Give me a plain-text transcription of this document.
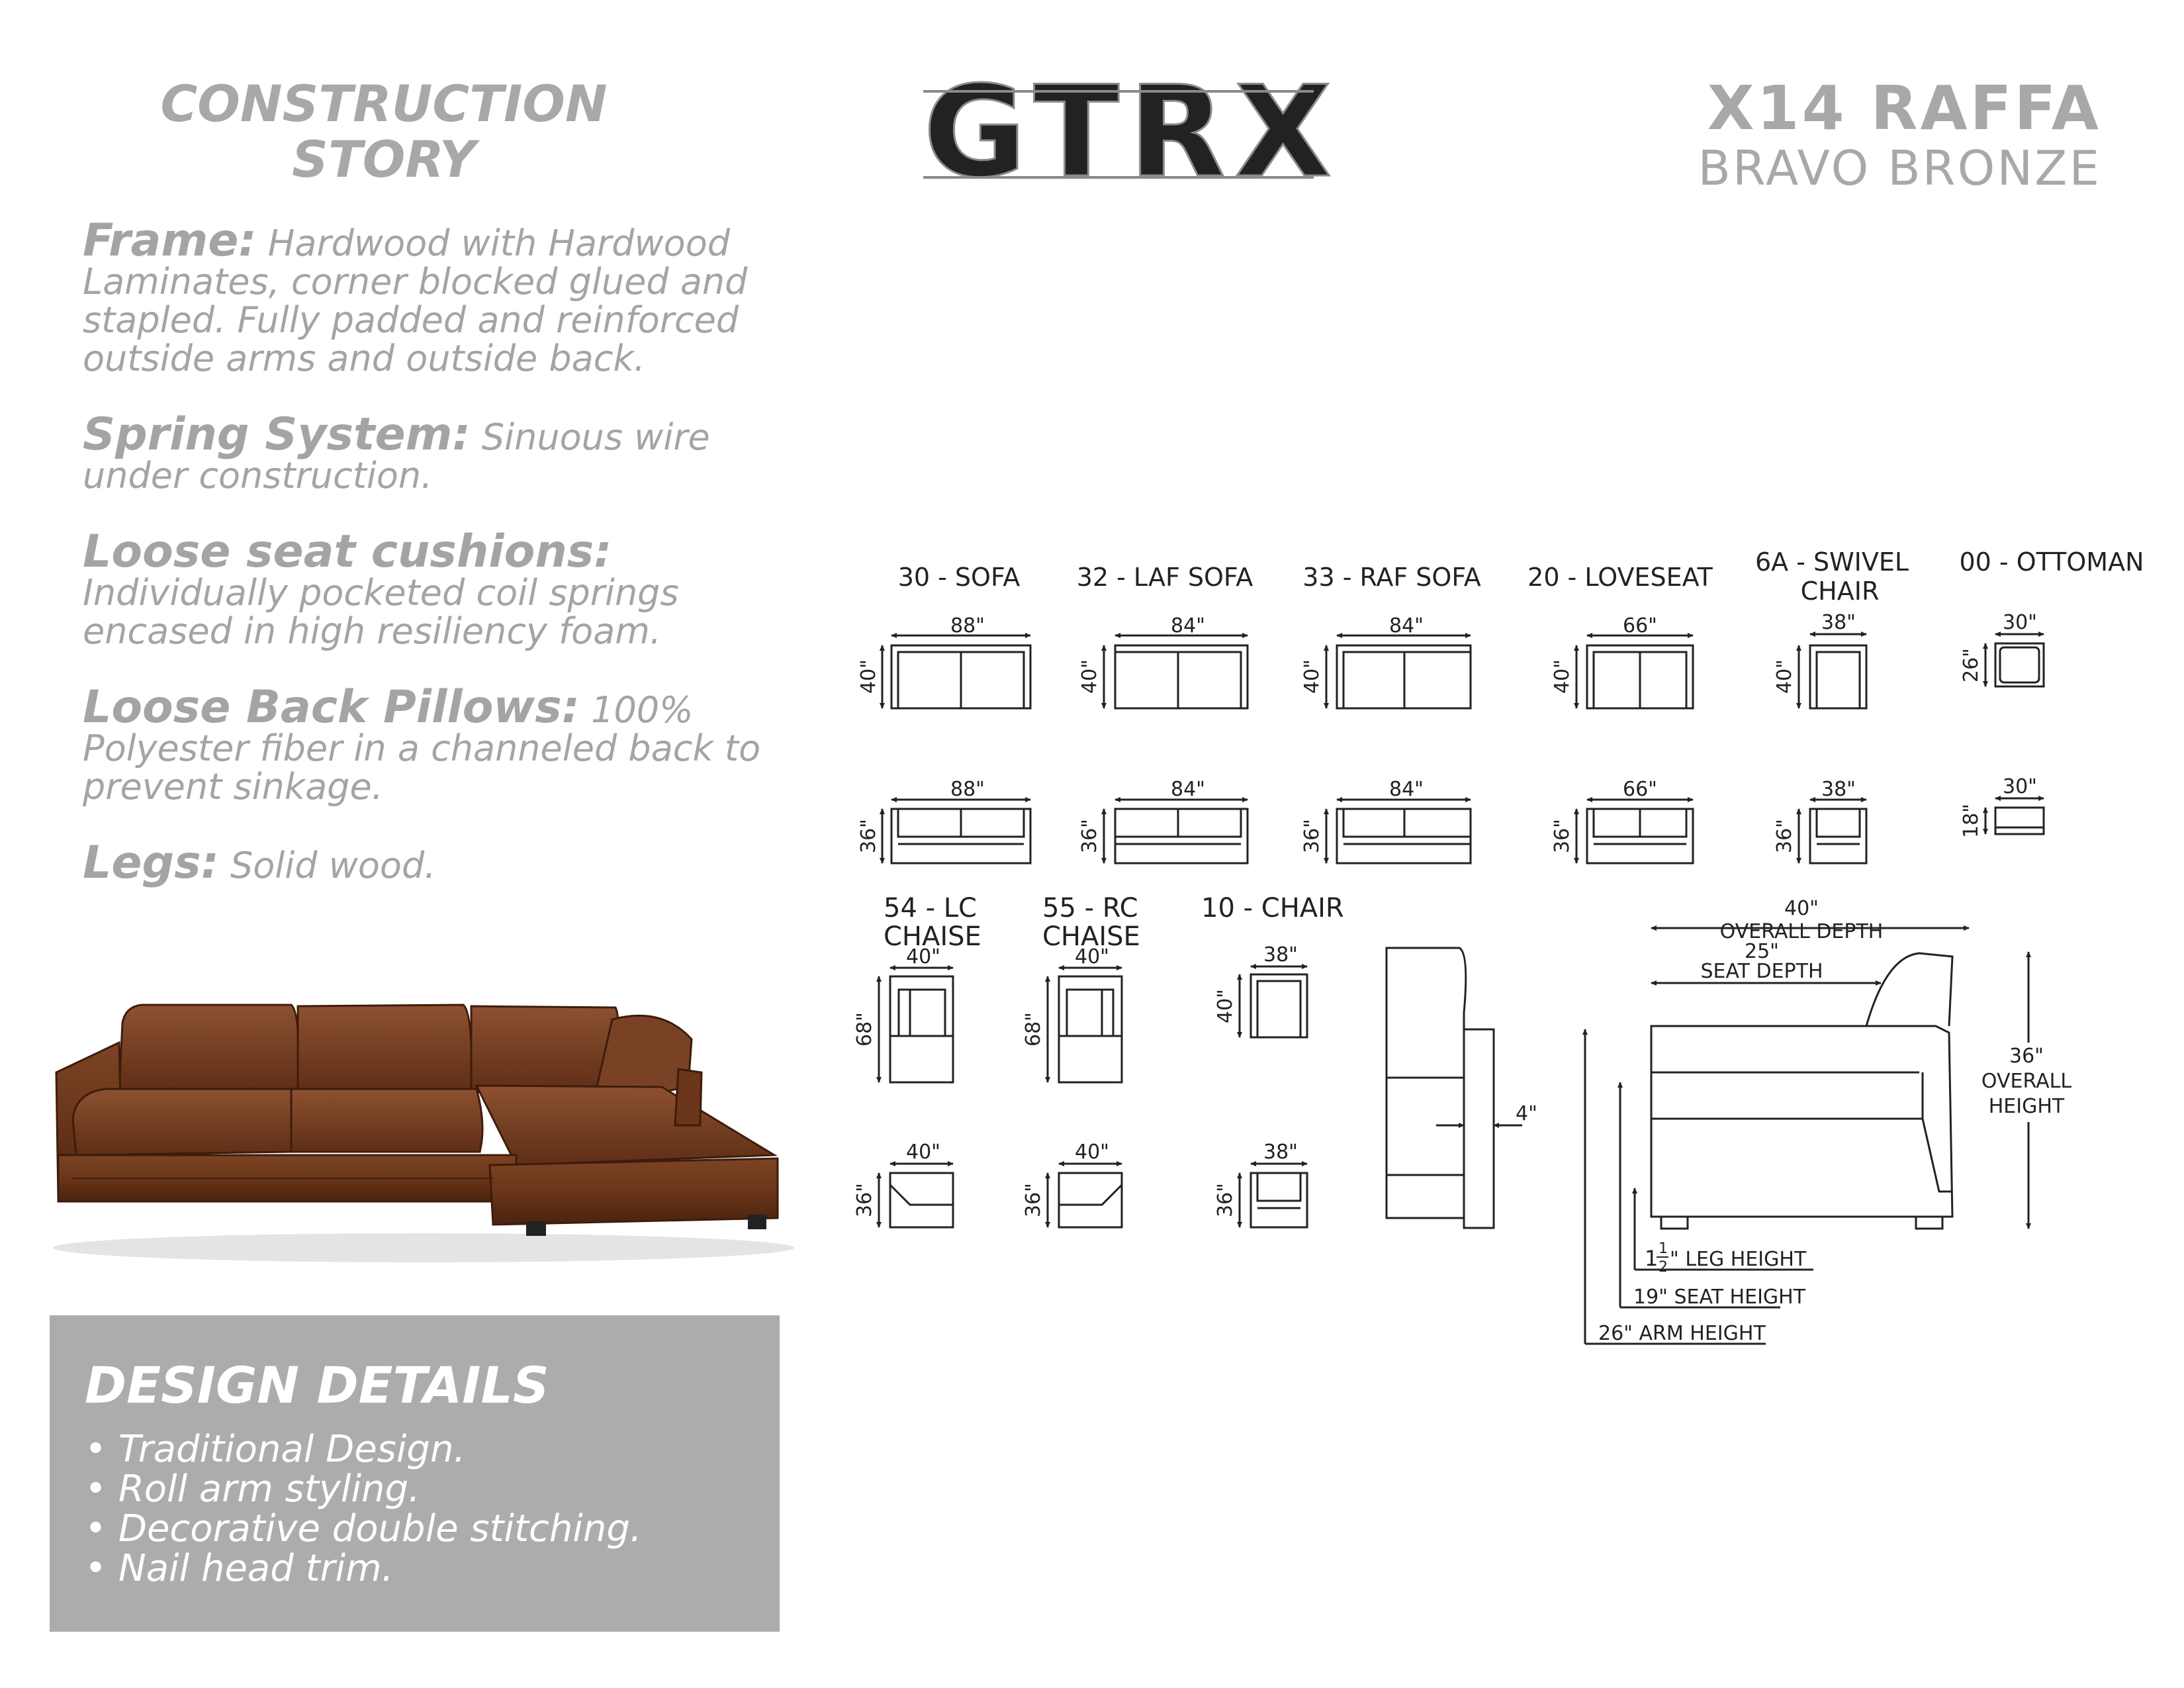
CONSTRUCTION
STORY
Frame: Hardwood with Hardwood Laminates, corner blocked glued and stapled. Fully padded and reinforced outside arms and outside back.
Spring System: Sinuous wire under construction.
Loose seat cushions: Individually pocketed coil springs encased in high resiliency foam.
Loose Back Pillows: 100% Polyester fiber in a channeled back to prevent sinkage.
Legs: Solid wood.
X14 RAFFA
BRAVO BRONZE
DESIGN DETAILS
• Traditional Design.
• Roll arm styling.
• Decorative double stitching.
• Nail head trim.
GTRX
30 - SOFA 32 - LAF SOFA 33 - RAF SOFA 20 - LOVESEAT
6A - SWIVEL
CHAIR
00 - OTTOMAN
88"
40"
84"
40"
84"
40"
66"
40"
38"
40"
30"
26"
88"
36"
84"
36"
84"
36"
66"
36"
38"
36"
30"
18"
54 - LC
CHAISE
55 - RC
CHAISE
10 - CHAIR
40"
68"
40"
68"
38"
40"
40"
36"
40"
36"
38"
36"
4"
40"
OVERALL DEPTH
25"
SEAT DEPTH
36"
OVERALL
HEIGHT
1 1
2 " LEG HEIGHT
19" SEAT HEIGHT
26" ARM HEIGHT
